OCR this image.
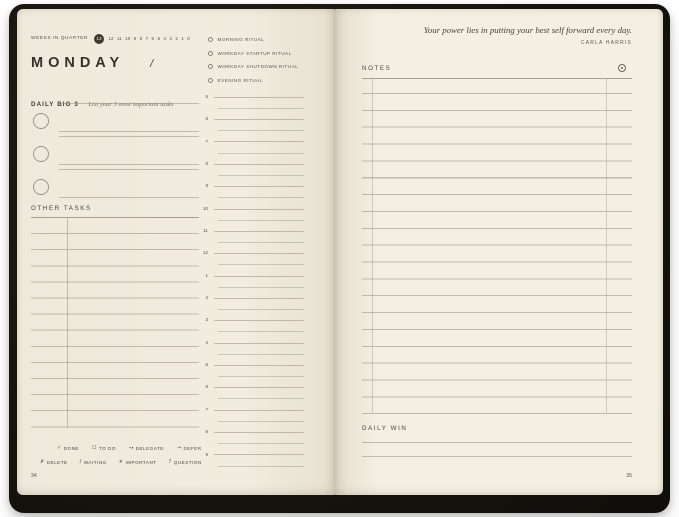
WEEKS IN QUARTER	13	12 11 10 9 8 7 6 5 4 3 2 1 0	MORNING RITUAL
WORKDAY STARTUP RITUAL
WORKDAY SHUTDOWN RITUAL
EVENING RITUAL
MONDAY /
DAILY BIG 3 List your 3 most important tasks
OTHER TASKS
5
6
7
8
9
10
11
12
1
2
3
4
5
6
7
8
9
✓ DONE	☐ TO DO	↝ DELEGATE	→ DEFER
✗ DELETE / WAITING ✳ IMPORTANT ? QUESTION
34
Your power lies in putting your best self forward every day.
CARLA HARRIS
NOTES
DAILY WIN
35
